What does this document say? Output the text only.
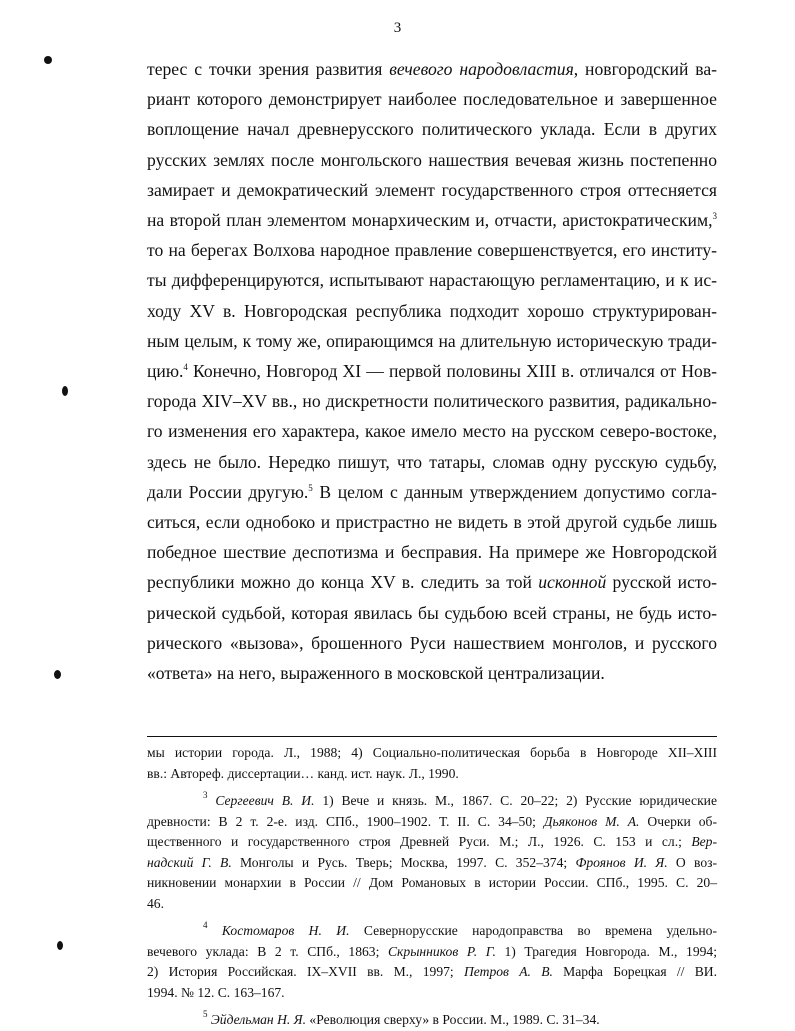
3
терес с точки зрения развития вечевого народовластия, новгородский ва-
риант которого демонстрирует наиболее последовательное и завершенное
воплощение начал древнерусского политического уклада. Если в других
русских землях после монгольского нашествия вечевая жизнь постепенно
замирает и демократический элемент государственного строя оттесняется
на второй план элементом монархическим и, отчасти, аристократическим,$^3$
то на берегах Волхова народное правление совершенствуется, его институ-
ты дифференцируются, испытывают нарастающую регламентацию, и к ис-
ходу XV в. Новгородская республика подходит хорошо структурирован-
ным целым, к тому же, опирающимся на длительную историческую тради-
цию.$^4$ Конечно, Новгород XI — первой половины XIII в. отличался от Нов-
города XIV–XV вв., но дискретности политического развития, радикально-
го изменения его характера, какое имело место на русском северо-востоке,
здесь не было. Нередко пишут, что татары, сломав одну русскую судьбу,
дали России другую.$^5$ В целом с данным утверждением допустимо согла-
ситься, если однобоко и пристрастно не видеть в этой другой судьбе лишь
победное шествие деспотизма и бесправия. На примере же Новгородской
республики можно до конца XV в. следить за той исконной русской исто-
рической судьбой, которая явилась бы судьбою всей страны, не будь исто-
рического «вызова», брошенного Руси нашествием монголов, и русского
«ответа» на него, выраженного в московской централизации.
мы истории города. Л., 1988; 4) Социально-политическая борьба в Новгороде XII–XIII
вв.: Автореф. диссертации… канд. ист. наук. Л., 1990.
$^3$ Сергеевич В. И. 1) Вече и князь. М., 1867. С. 20–22; 2) Русские юридические
древности: В 2 т. 2-е. изд. СПб., 1900–1902. Т. II. С. 34–50; Дьяконов М. А. Очерки об-
щественного и государственного строя Древней Руси. М.; Л., 1926. С. 153 и сл.; Вер-
надский Г. В. Монголы и Русь. Тверь; Москва, 1997. С. 352–374; Фроянов И. Я. О воз-
никновении монархии в России // Дом Романовых в истории России. СПб., 1995. С. 20–
46.
$^4$ Костомаров Н. И. Севернорусские народоправства во времена удельно-
вечевого уклада: В 2 т. СПб., 1863; Скрынников Р. Г. 1) Трагедия Новгорода. М., 1994;
2) История Российская. IX–XVII вв. М., 1997; Петров А. В. Марфа Борецкая // ВИ.
1994. № 12. С. 163–167.
$^5$ Эйдельман Н. Я. «Революция сверху» в России. М., 1989. С. 31–34.
